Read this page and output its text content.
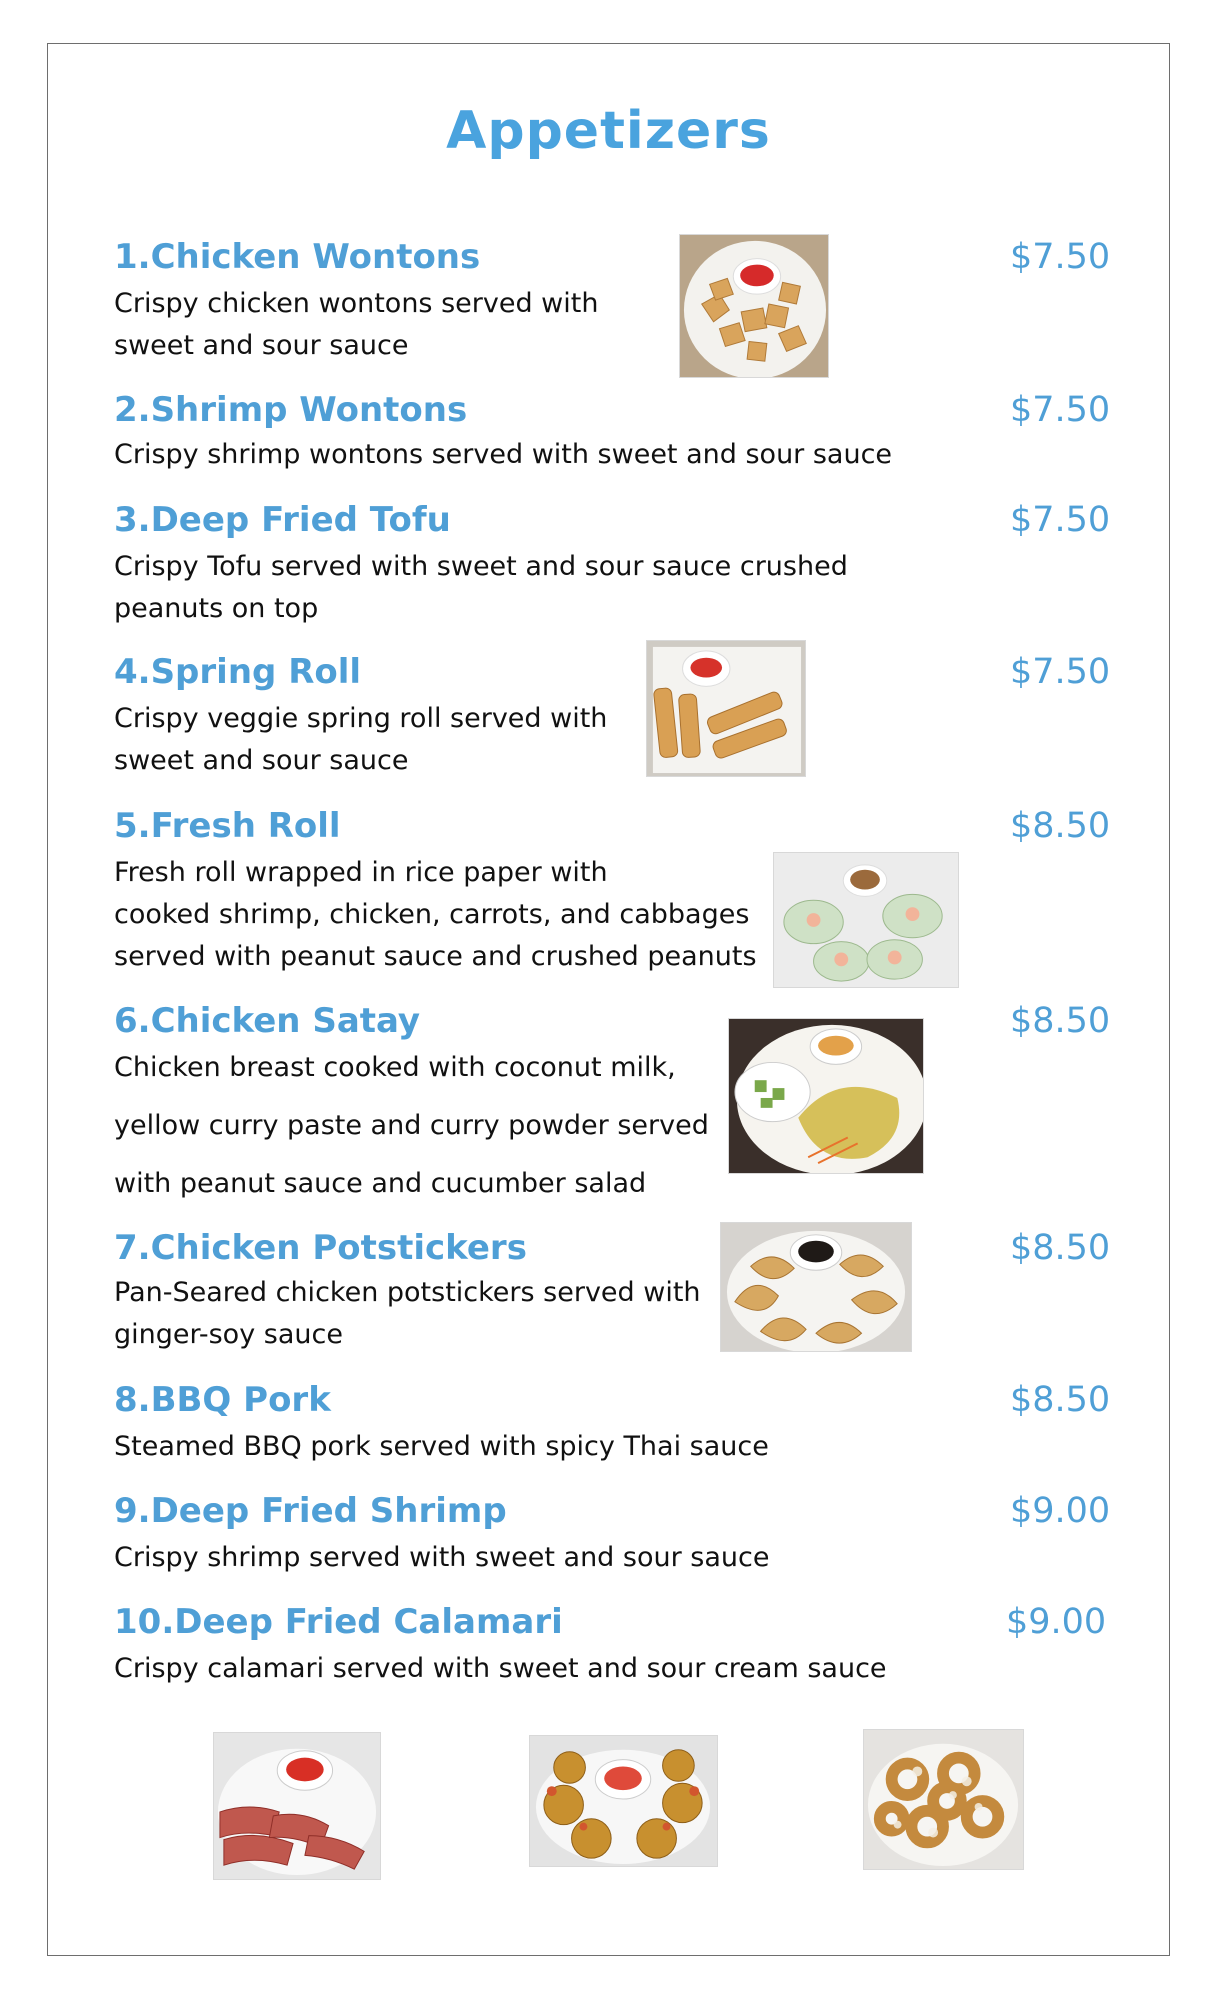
Appetizers
1.Chicken Wontons
Crispy chicken wontons served with
sweet and sour sauce
$7.50
2.Shrimp Wontons
Crispy shrimp wontons served with sweet and sour sauce
$7.50
3.Deep Fried Tofu
Crispy Tofu served with sweet and sour sauce crushed
peanuts on top
$7.50
4.Spring Roll
Crispy veggie spring roll served with
sweet and sour sauce
$7.50
5.Fresh Roll
Fresh roll wrapped in rice paper with
cooked shrimp, chicken, carrots, and cabbages
served with peanut sauce and crushed peanuts
$8.50
6.Chicken Satay
Chicken breast cooked with coconut milk,
yellow curry paste and curry powder served
with peanut sauce and cucumber salad
$8.50
7.Chicken Potstickers
Pan-Seared chicken potstickers served with
ginger-soy sauce
$8.50
8.BBQ Pork
Steamed BBQ pork served with spicy Thai sauce
$8.50
9.Deep Fried Shrimp
Crispy shrimp served with sweet and sour sauce
$9.00
10.Deep Fried Calamari
Crispy calamari served with sweet and sour cream sauce
$9.00
